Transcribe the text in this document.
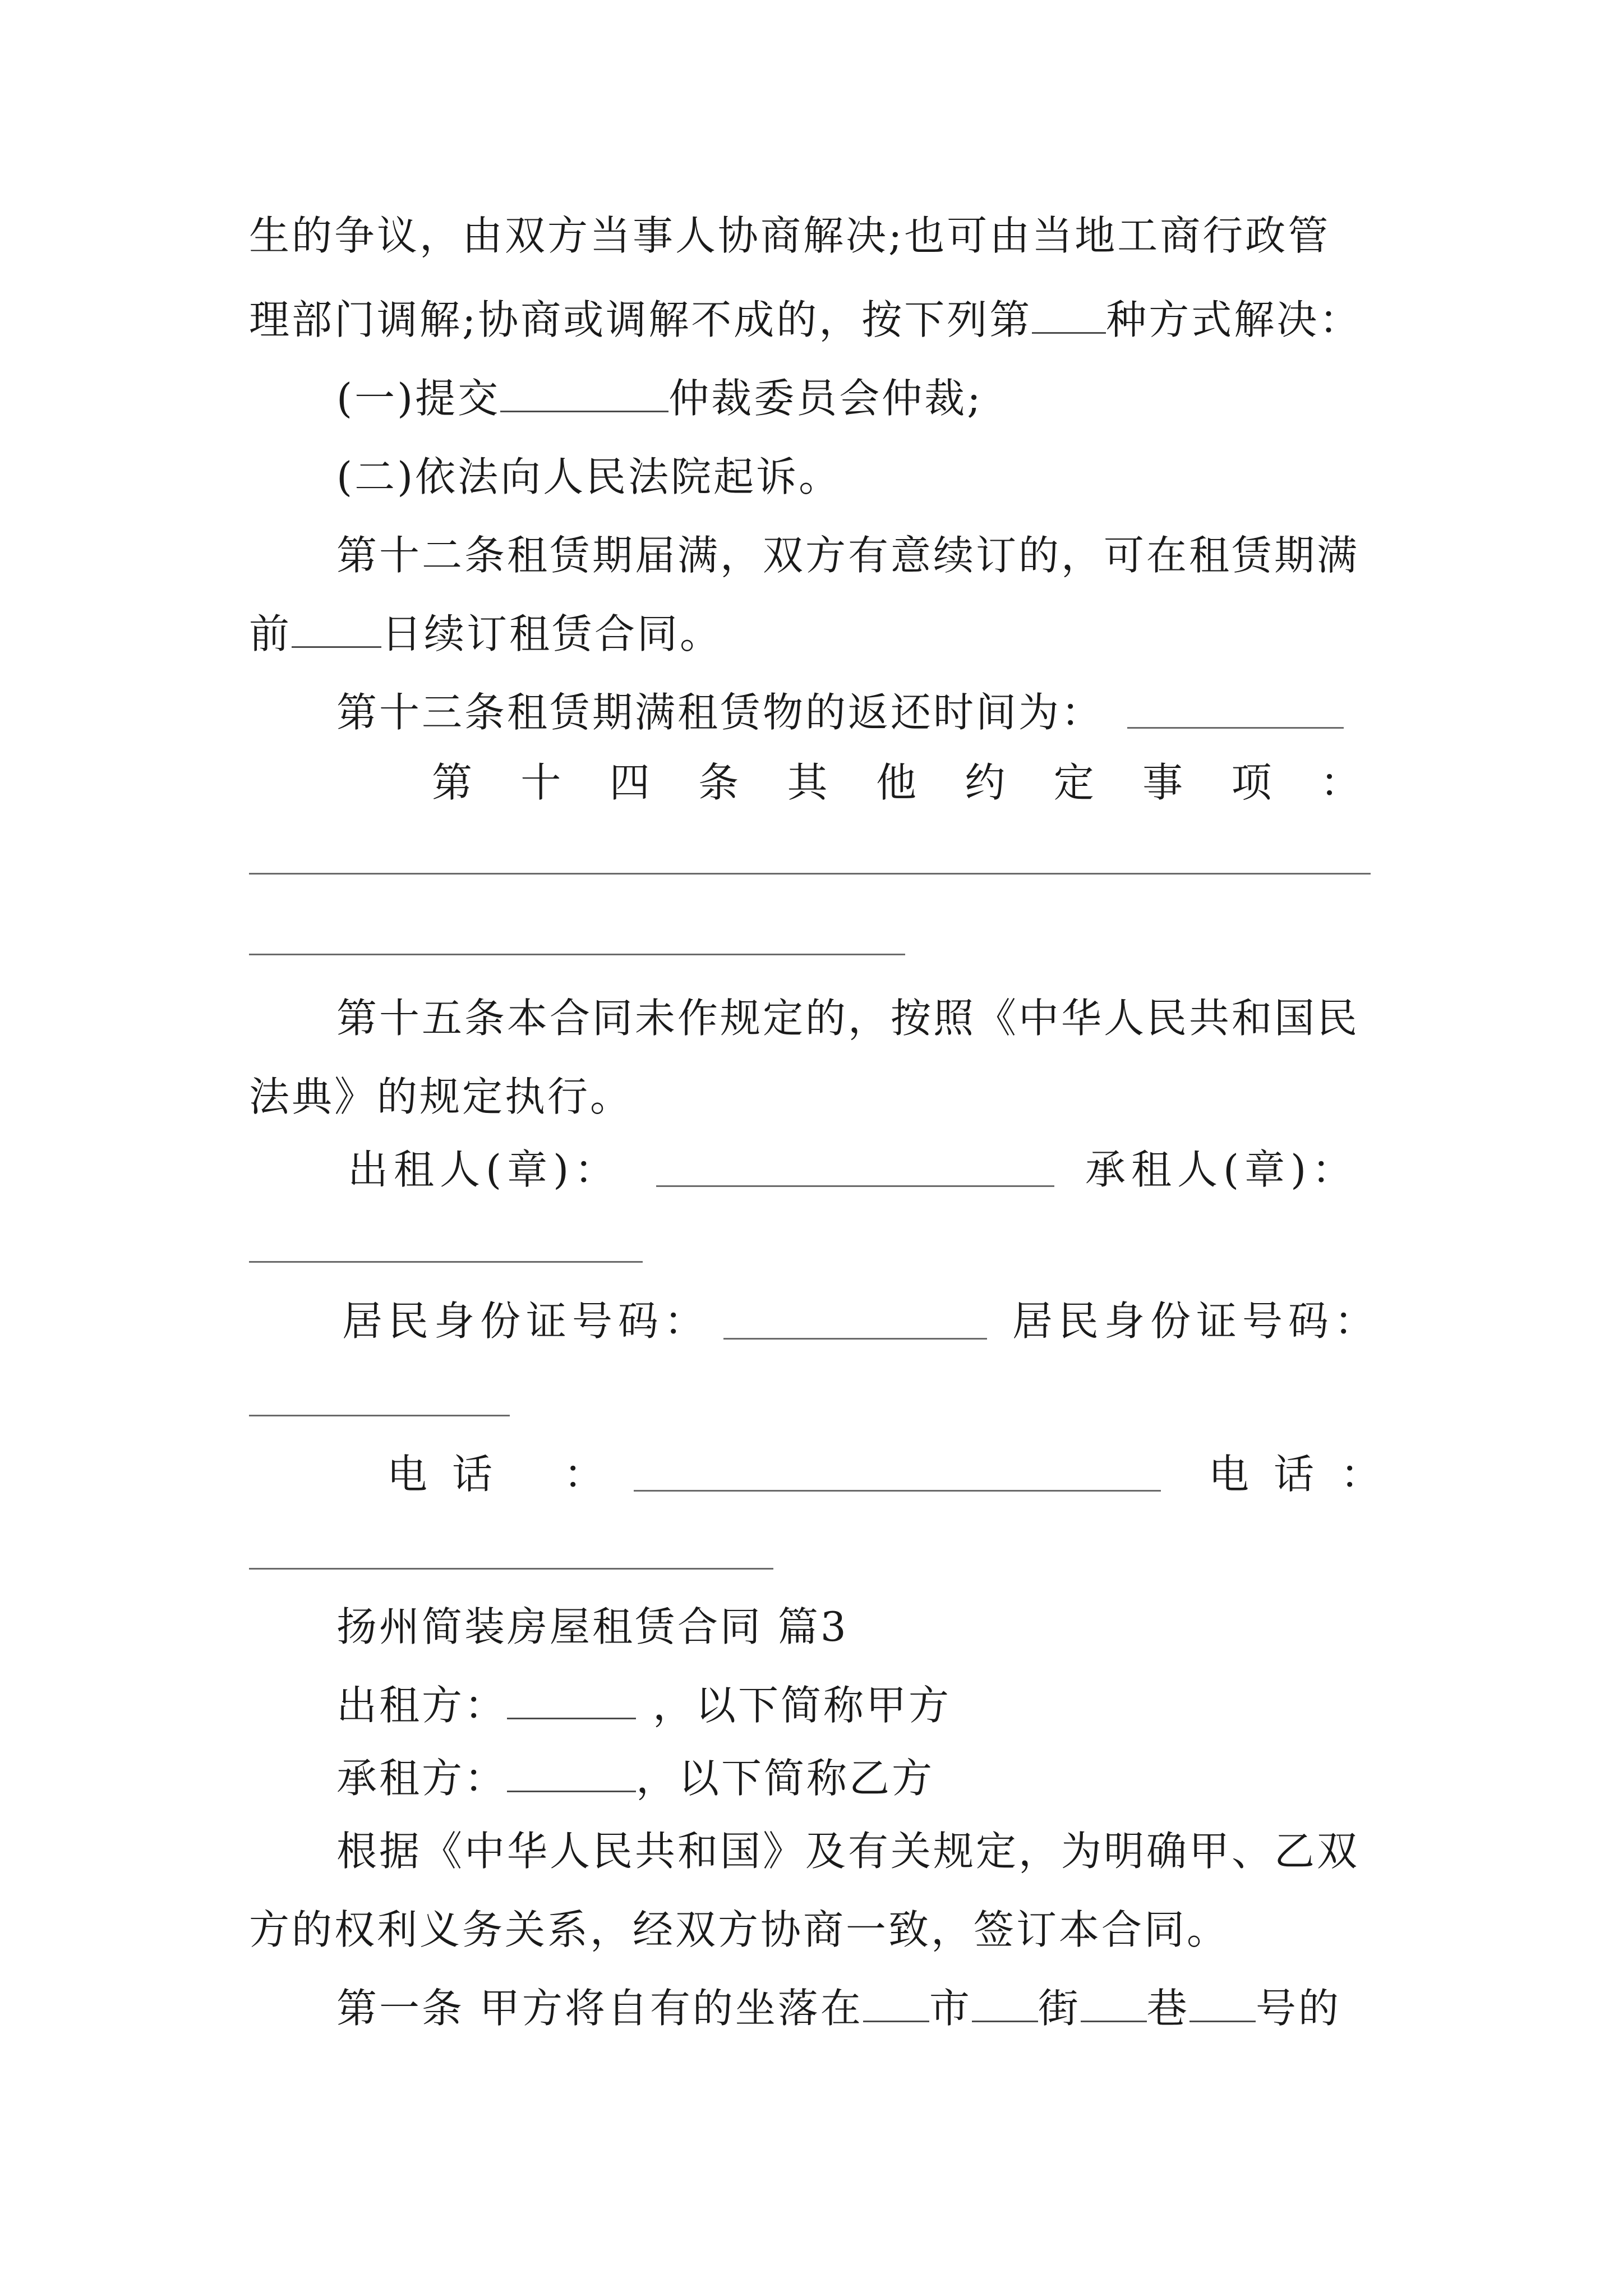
生的争议，由双方当事人协商解决;也可由当地工商行政管
理部门调解;协商或调解不成的，按下列第 种方式解决：
(一)提交	仲裁委员会仲裁;
(二)依法向人民法院起诉。
第十二条租赁期届满，双方有意续订的，可在租赁期满
前 日续订租赁合同。
第十三条租赁期满租赁物的返还时间为：
第 十 四 条 其 他 约 定 事 项 ：
第十五条本合同未作规定的，按照《中华人民共和国民
法典》的规定执行。
出租人(章)：	承租人(章)：
居民身份证号码：	居民身份证号码：
电话 ：	电话 ：
扬州简装房屋租赁合同 篇3
出租方：	，以下简称甲方
承租方：	，以下简称乙方
根据《中华人民共和国》及有关规定，为明确甲、乙双
方的权利义务关系，经双方协商一致，签订本合同。
第一条 甲方将自有的坐落在 市 街 巷 号的
